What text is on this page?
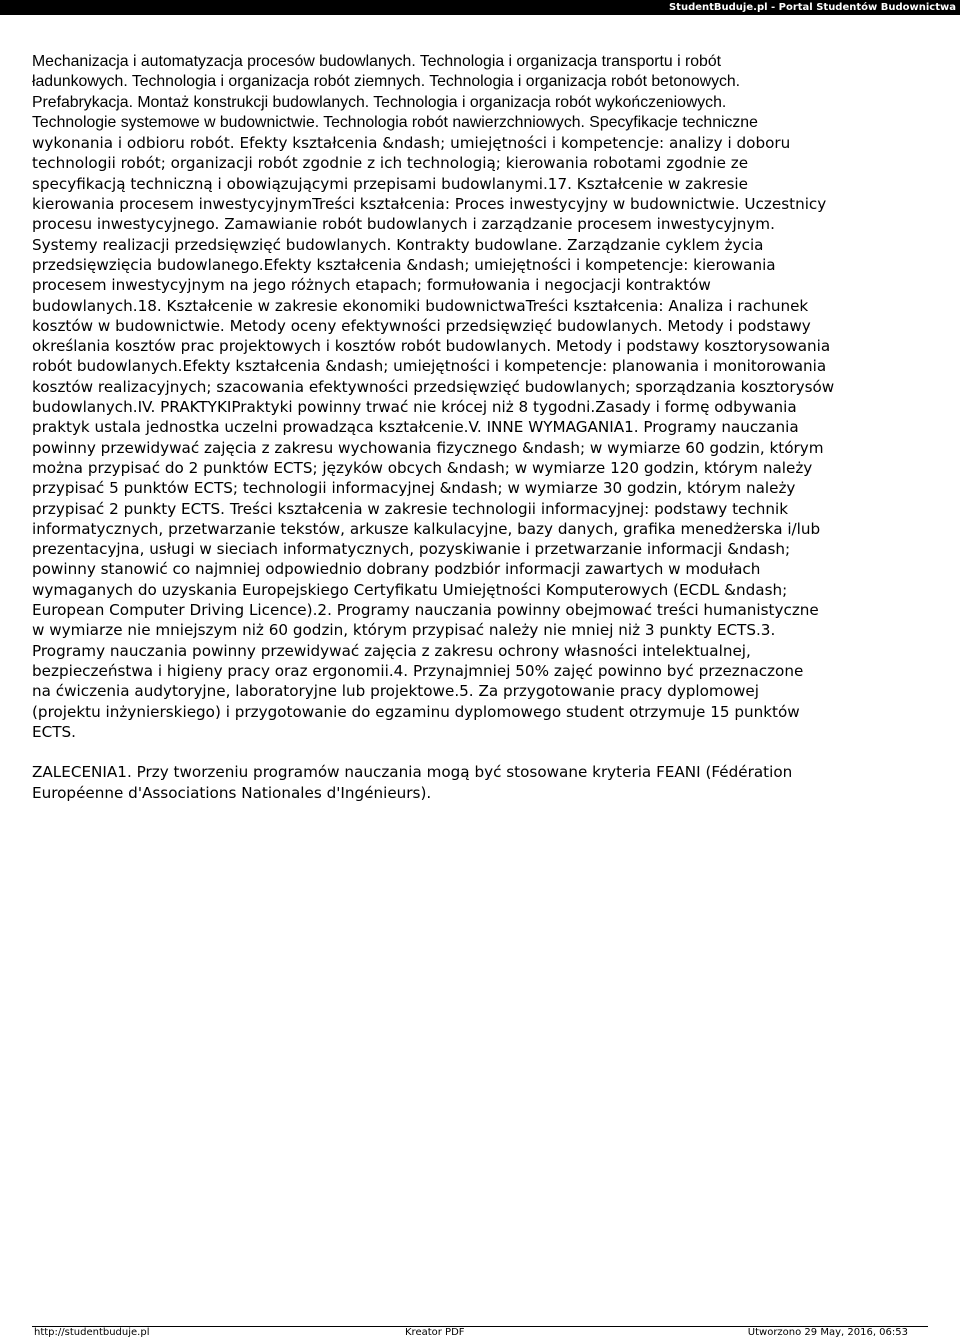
StudentBuduje.pl - Portal Studentów Budownictwa

Mechanizacja i automatyzacja procesów budowlanych. Technologia i organizacja transportu i robót
ładunkowych. Technologia i organizacja robót ziemnych. Technologia i organizacja robót betonowych.
Prefabrykacja. Montaż konstrukcji budowlanych. Technologia i organizacja robót wykończeniowych.
Technologie systemowe w budownictwie. Technologia robót nawierzchniowych. Specyfikacje techniczne

wykonania i odbioru robót. Efekty kształcenia &ndash; umiejętności i kompetencje: analizy i doboru
technologii robót; organizacji robót zgodnie z ich technologią; kierowania robotami zgodnie ze
specyfikacją techniczną i obowiązującymi przepisami budowlanymi.17. Kształcenie w zakresie
kierowania procesem inwestycyjnymTreści kształcenia: Proces inwestycyjny w budownictwie. Uczestnicy
procesu inwestycyjnego. Zamawianie robót budowlanych i zarządzanie procesem inwestycyjnym.
Systemy realizacji przedsięwzięć budowlanych. Kontrakty budowlane. Zarządzanie cyklem życia
przedsięwzięcia budowlanego.Efekty kształcenia &ndash; umiejętności i kompetencje: kierowania
procesem inwestycyjnym na jego różnych etapach; formułowania i negocjacji kontraktów
budowlanych.18. Kształcenie w zakresie ekonomiki budownictwaTreści kształcenia: Analiza i rachunek
kosztów w budownictwie. Metody oceny efektywności przedsięwzięć budowlanych. Metody i podstawy
określania kosztów prac projektowych i kosztów robót budowlanych. Metody i podstawy kosztorysowania
robót budowlanych.Efekty kształcenia &ndash; umiejętności i kompetencje: planowania i monitorowania
kosztów realizacyjnych; szacowania efektywności przedsięwzięć budowlanych; sporządzania kosztorysów
budowlanych.IV. PRAKTYKIPraktyki powinny trwać nie krócej niż 8 tygodni.Zasady i formę odbywania
praktyk ustala jednostka uczelni prowadząca kształcenie.V. INNE WYMAGANIA1. Programy nauczania
powinny przewidywać zajęcia z zakresu wychowania fizycznego &ndash; w wymiarze 60 godzin, którym
można przypisać do 2 punktów ECTS; języków obcych &ndash; w wymiarze 120 godzin, którym należy
przypisać 5 punktów ECTS; technologii informacyjnej &ndash; w wymiarze 30 godzin, którym należy
przypisać 2 punkty ECTS. Treści kształcenia w zakresie technologii informacyjnej: podstawy technik
informatycznych, przetwarzanie tekstów, arkusze kalkulacyjne, bazy danych, grafika menedżerska i/lub
prezentacyjna, usługi w sieciach informatycznych, pozyskiwanie i przetwarzanie informacji &ndash;
powinny stanowić co najmniej odpowiednio dobrany podzbiór informacji zawartych w modułach
wymaganych do uzyskania Europejskiego Certyfikatu Umiejętności Komputerowych (ECDL &ndash;
European Computer Driving Licence).2. Programy nauczania powinny obejmować treści humanistyczne
w wymiarze nie mniejszym niż 60 godzin, którym przypisać należy nie mniej niż 3 punkty ECTS.3.
Programy nauczania powinny przewidywać zajęcia z zakresu ochrony własności intelektualnej,
bezpieczeństwa i higieny pracy oraz ergonomii.4. Przynajmniej 50% zajęć powinno być przeznaczone
na ćwiczenia audytoryjne, laboratoryjne lub projektowe.5. Za przygotowanie pracy dyplomowej
(projektu inżynierskiego) i przygotowanie do egzaminu dyplomowego student otrzymuje 15 punktów
ECTS.

ZALECENIA1. Przy tworzeniu programów nauczania mogą być stosowane kryteria FEANI (Fédération
Européenne d'Associations Nationales d'Ingénieurs).

http://studentbuduje.pl	Kreator PDF	Utworzono 29 May, 2016, 06:53
